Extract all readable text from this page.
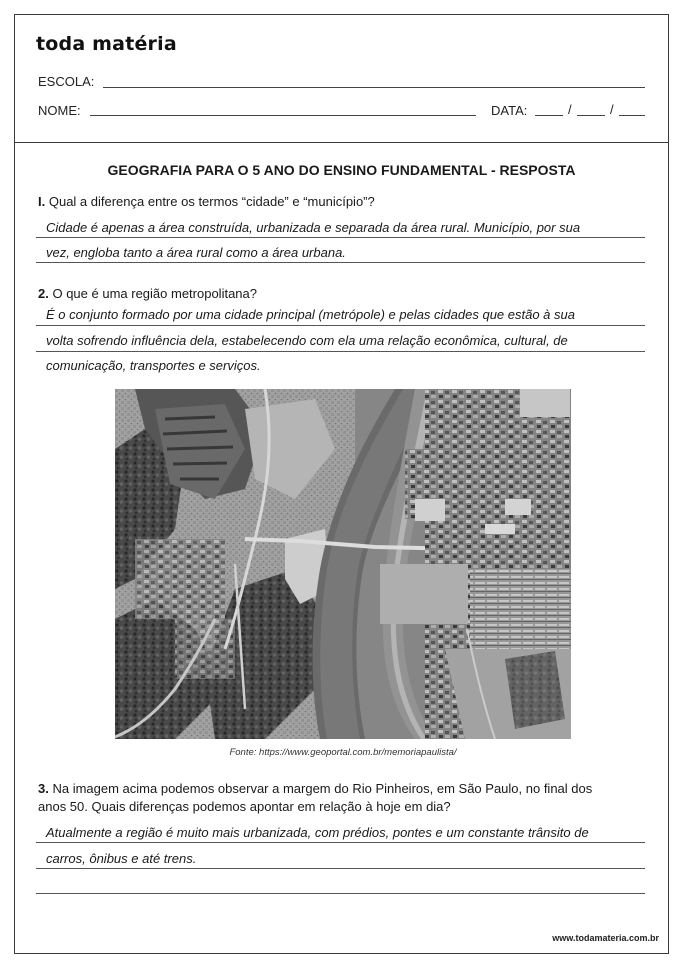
toda matéria
ESCOLA:
NOME:	DATA:	/	/
GEOGRAFIA PARA O 5 ANO DO ENSINO FUNDAMENTAL - RESPOSTA
I. Qual a diferença entre os termos “cidade” e “município”?
Cidade é apenas a área construída, urbanizada e separada da área rural. Município, por sua
vez, engloba tanto a área rural como a área urbana.
2. O que é uma região metropolitana?
É o conjunto formado por uma cidade principal (metrópole) e pelas cidades que estão à sua
volta sofrendo influência dela, estabelecendo com ela uma relação econômica, cultural, de
comunicação, transportes e serviços.
Fonte: https://www.geoportal.com.br/memoriapaulista/
3. Na imagem acima podemos observar a margem do Rio Pinheiros, em São Paulo, no final dos
anos 50. Quais diferenças podemos apontar em relação à hoje em dia?
Atualmente a região é muito mais urbanizada, com prédios, pontes e um constante trânsito de
carros, ônibus e até trens.
www.todamateria.com.br
